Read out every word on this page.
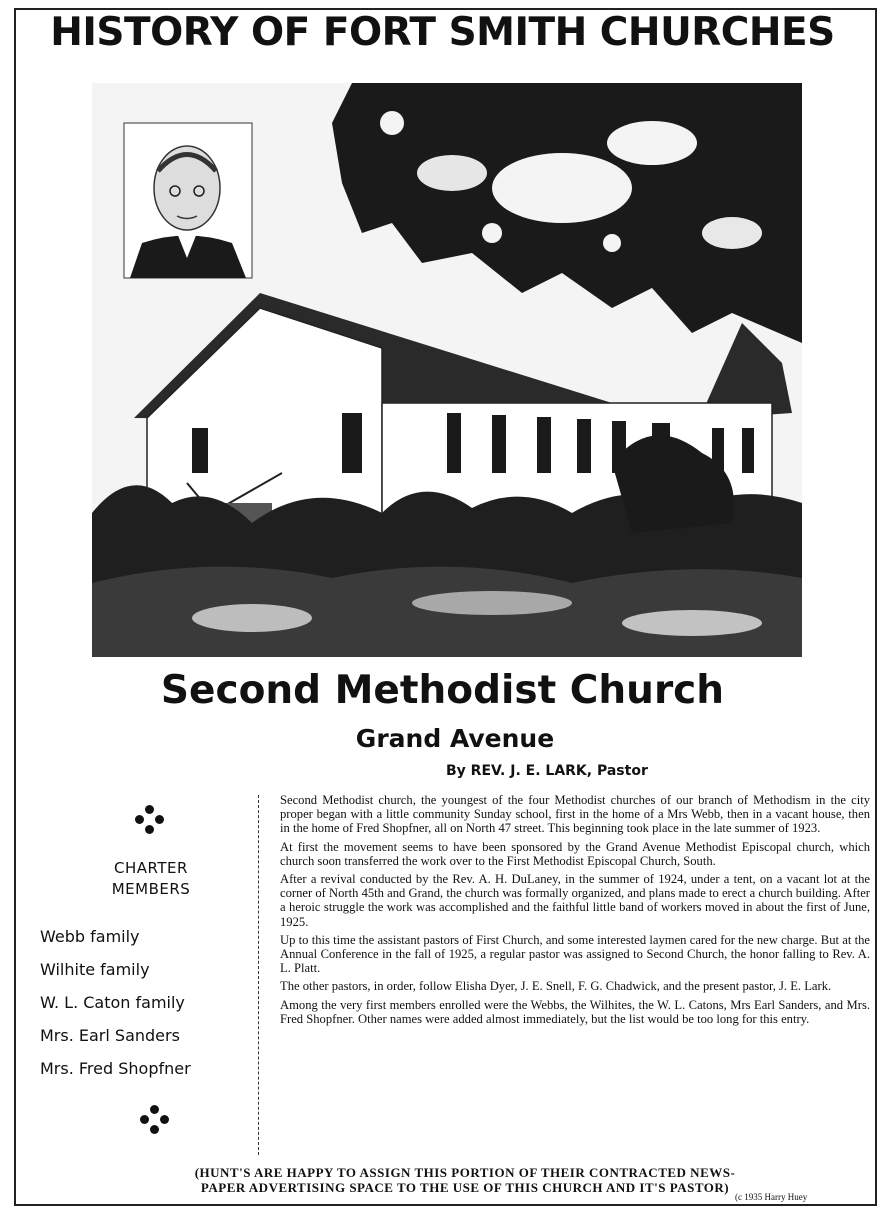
HISTORY OF FORT SMITH CHURCHES
Second Methodist Church
Grand Avenue
By REV. J. E. LARK, Pastor
CHARTER
MEMBERS
Webb family
Wilhite family
W. L. Caton family
Mrs. Earl Sanders
Mrs. Fred Shopfner

Second Methodist church, the youngest of the four Methodist churches of our branch of Methodism in the city proper began with a little community Sunday school, first in the home of a Mrs Webb, then in a vacant house, then in the home of Fred Shopfner, all on North 47 street. This beginning took place in the late summer of 1923.

At first the movement seems to have been sponsored by the Grand Avenue Methodist Episcopal church, which church soon transferred the work over to the First Methodist Episcopal Church, South.

After a revival conducted by the Rev. A. H. DuLaney, in the summer of 1924, under a tent, on a vacant lot at the corner of North 45th and Grand, the church was formally organized, and plans made to erect a church building. After a heroic struggle the work was accomplished and the faithful little band of workers moved in about the first of June, 1925.

Up to this time the assistant pastors of First Church, and some interested laymen cared for the new charge. But at the Annual Conference in the fall of 1925, a regular pastor was assigned to Second Church, the honor falling to Rev. A. L. Platt.

The other pastors, in order, follow Elisha Dyer, J. E. Snell, F. G. Chadwick, and the present pastor, J. E. Lark.

Among the very first members enrolled were the Webbs, the Wilhites, the W. L. Catons, Mrs Earl Sanders, and Mrs. Fred Shopfner. Other names were added almost immediately, but the list would be too long for this entry.

(HUNT'S ARE HAPPY TO ASSIGN THIS PORTION OF THEIR CONTRACTED NEWS-
PAPER ADVERTISING SPACE TO THE USE OF THIS CHURCH AND IT'S PASTOR)
(c 1935 Harry Huey
